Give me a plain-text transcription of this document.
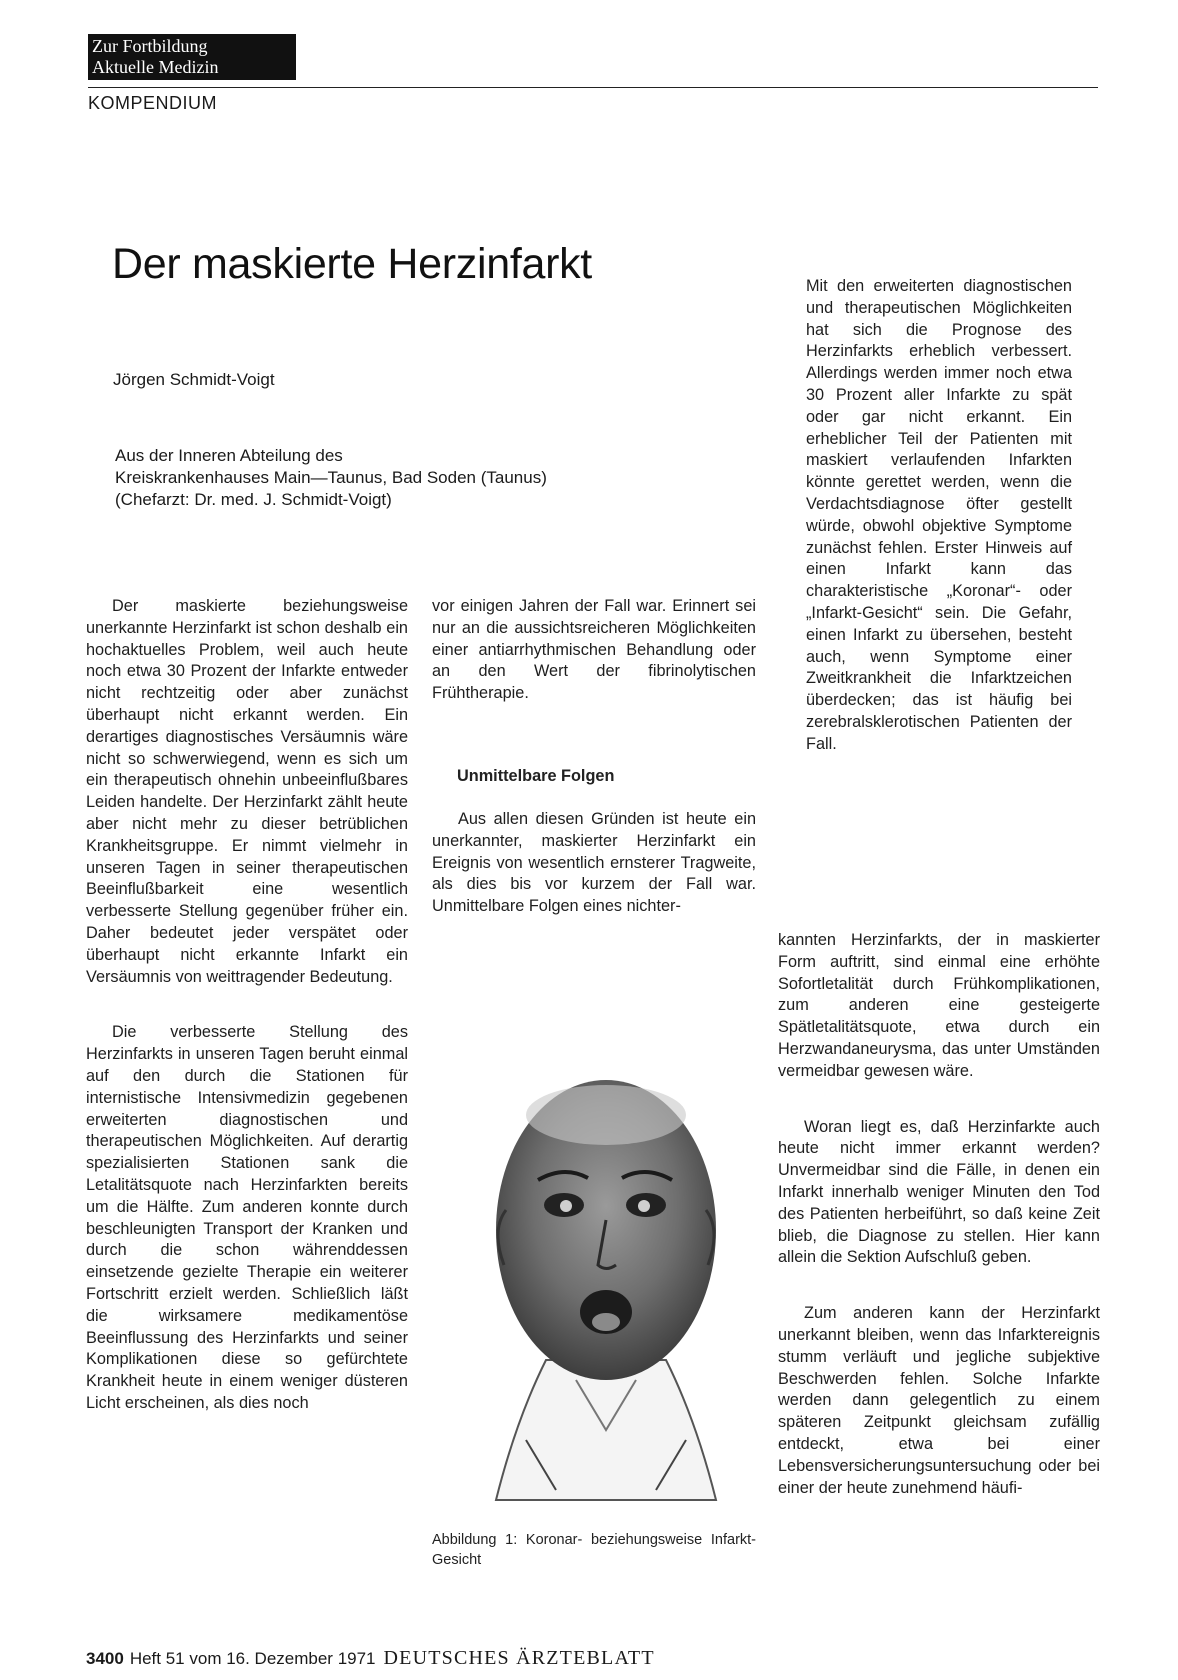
Zur Fortbildung
Aktuelle Medizin
KOMPENDIUM
Der maskierte Herzinfarkt
Jörgen Schmidt-Voigt
Aus der Inneren Abteilung des
Kreiskrankenhauses Main—Taunus, Bad Soden (Taunus)
(Chefarzt: Dr. med. J. Schmidt-Voigt)

Der maskierte beziehungsweise unerkannte Herzinfarkt ist schon deshalb ein hochaktuelles Problem, weil auch heute noch etwa 30 Prozent der Infarkte entweder nicht rechtzeitig oder aber zunächst überhaupt nicht erkannt werden. Ein derartiges diagnostisches Versäumnis wäre nicht so schwerwiegend, wenn es sich um ein therapeutisch ohnehin unbeeinflußbares Leiden handelte. Der Herzinfarkt zählt heute aber nicht mehr zu dieser betrüblichen Krankheitsgruppe. Er nimmt vielmehr in unseren Tagen in seiner therapeutischen Beeinflußbarkeit eine wesentlich verbesserte Stellung gegenüber früher ein. Daher bedeutet jeder verspätet oder überhaupt nicht erkannte Infarkt ein Versäumnis von weittragender Bedeutung.

Die verbesserte Stellung des Herzinfarkts in unseren Tagen beruht einmal auf den durch die Stationen für internistische Intensivmedizin gegebenen erweiterten diagnostischen und therapeutischen Möglichkeiten. Auf derartig spezialisierten Stationen sank die Letalitätsquote nach Herzinfarkten bereits um die Hälfte. Zum anderen konnte durch beschleunigten Transport der Kranken und durch die schon währenddessen einsetzende gezielte Therapie ein weiterer Fortschritt erzielt werden. Schließlich läßt die wirksamere medikamentöse Beeinflussung des Herzinfarkts und seiner Komplikationen diese so gefürchtete Krankheit heute in einem weniger düsteren Licht erscheinen, als dies noch

vor einigen Jahren der Fall war. Erinnert sei nur an die aussichtsreicheren Möglichkeiten einer antiarrhythmischen Behandlung oder an den Wert der fibrinolytischen Frühtherapie.

Unmittelbare Folgen

Aus allen diesen Gründen ist heute ein unerkannter, maskierter Herzinfarkt ein Ereignis von wesentlich ernsterer Tragweite, als dies bis vor kurzem der Fall war. Unmittelbare Folgen eines nichter-

Abbildung 1: Koronar- beziehungsweise Infarkt-Gesicht

Mit den erweiterten diagnostischen und therapeutischen Möglichkeiten hat sich die Prognose des Herzinfarkts erheblich verbessert. Allerdings werden immer noch etwa 30 Prozent aller Infarkte zu spät oder gar nicht erkannt. Ein erheblicher Teil der Patienten mit maskiert verlaufenden Infarkten könnte gerettet werden, wenn die Verdachtsdiagnose öfter gestellt würde, obwohl objektive Symptome zunächst fehlen. Erster Hinweis auf einen Infarkt kann das charakteristische „Koronar“- oder „Infarkt-Gesicht“ sein. Die Gefahr, einen Infarkt zu übersehen, besteht auch, wenn Symptome einer Zweitkrankheit die Infarktzeichen überdecken; das ist häufig bei zerebralsklerotischen Patienten der Fall.

kannten Herzinfarkts, der in maskierter Form auftritt, sind einmal eine erhöhte Sofortletalität durch Frühkomplikationen, zum anderen eine gesteigerte Spätletalitätsquote, etwa durch ein Herzwandaneurysma, das unter Umständen vermeidbar gewesen wäre.

Woran liegt es, daß Herzinfarkte auch heute nicht immer erkannt werden? Unvermeidbar sind die Fälle, in denen ein Infarkt innerhalb weniger Minuten den Tod des Patienten herbeiführt, so daß keine Zeit blieb, die Diagnose zu stellen. Hier kann allein die Sektion Aufschluß geben.

Zum anderen kann der Herzinfarkt unerkannt bleiben, wenn das Infarktereignis stumm verläuft und jegliche subjektive Beschwerden fehlen. Solche Infarkte werden dann gelegentlich zu einem späteren Zeitpunkt gleichsam zufällig entdeckt, etwa bei einer Lebensversicherungsuntersuchung oder bei einer der heute zunehmend häufi-

3400 Heft 51 vom 16. Dezember 1971 DEUTSCHES ÄRZTEBLATT
